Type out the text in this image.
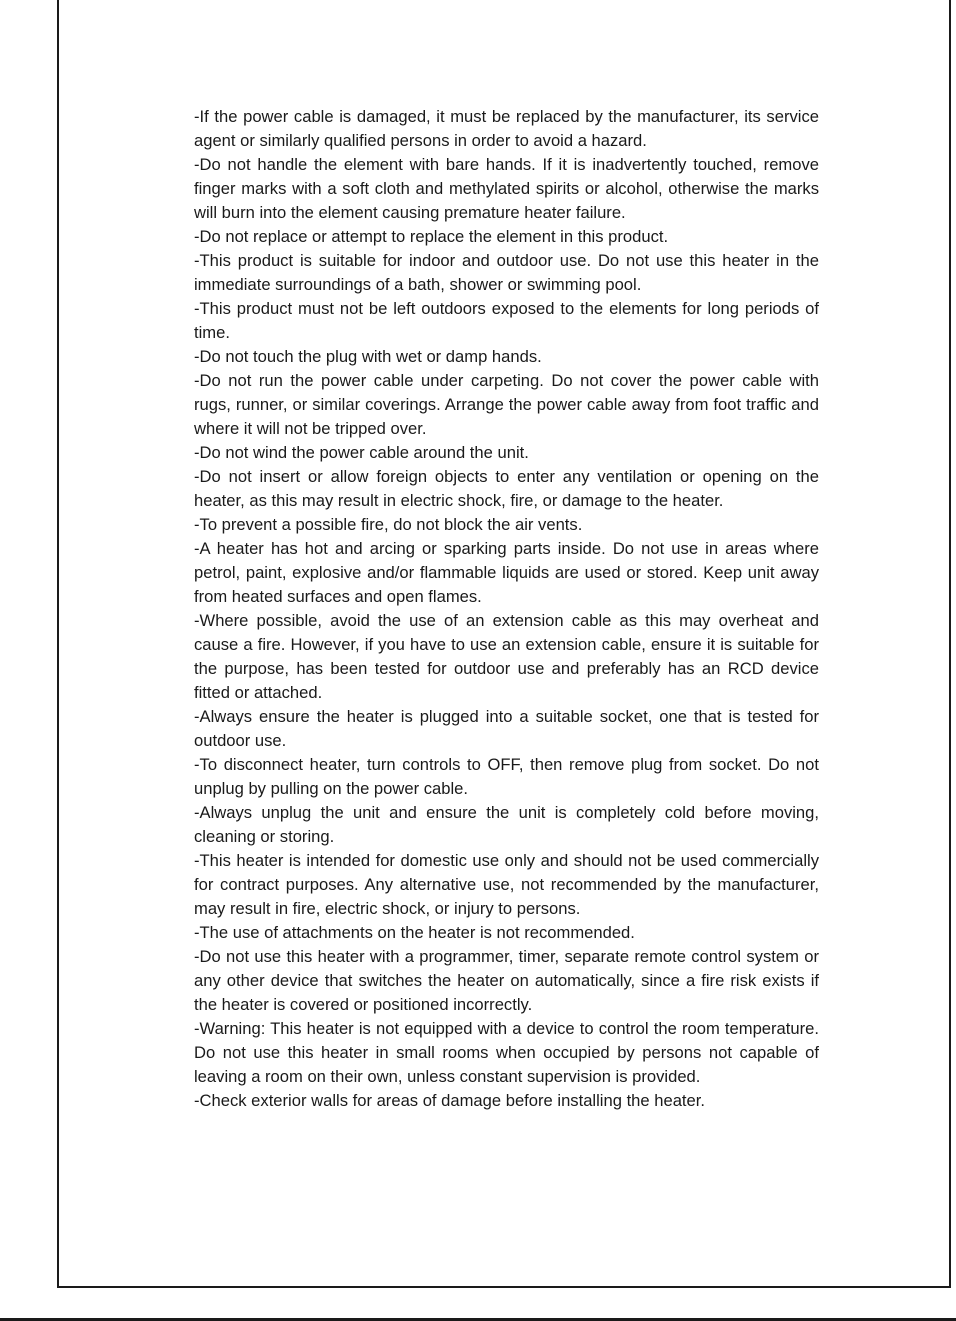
-If the power cable is damaged, it must be replaced by the manufacturer, its service agent or similarly qualified persons in order to avoid a hazard.

-Do not handle the element with bare hands. If it is inadvertently touched, remove finger marks with a soft cloth and methylated spirits or alcohol, otherwise the marks will burn into the element causing premature heater failure.

-Do not replace or attempt to replace the element in this product.

-This product is suitable for indoor and outdoor use. Do not use this heater in the immediate surroundings of a bath, shower or swimming pool.

-This product must not be left outdoors exposed to the elements for long periods of time.

-Do not touch the plug with wet or damp hands.

-Do not run the power cable under carpeting. Do not cover the power cable with rugs, runner, or similar coverings. Arrange the power cable away from foot traffic and where it will not be tripped over.

-Do not wind the power cable around the unit.

-Do not insert or allow foreign objects to enter any ventilation or opening on the heater, as this may result in electric shock, fire, or damage to the heater.

-To prevent a possible fire, do not block the air vents.

-A heater has hot and arcing or sparking parts inside. Do not use in areas where petrol, paint, explosive and/or flammable liquids are used or stored. Keep unit away from heated surfaces and open flames.

-Where possible, avoid the use of an extension cable as this may overheat and cause a fire. However, if you have to use an extension cable, ensure it is suitable for the purpose, has been tested for outdoor use and preferably has an RCD device fitted or attached.

-Always ensure the heater is plugged into a suitable socket, one that is tested for outdoor use.

-To disconnect heater, turn controls to OFF, then remove plug from socket. Do not unplug by pulling on the power cable.

-Always unplug the unit and ensure the unit is completely cold before moving, cleaning or storing.

-This heater is intended for domestic use only and should not be used commercially for contract purposes. Any alternative use, not recommended by the manufacturer, may result in fire, electric shock, or injury to persons.

-The use of attachments on the heater is not recommended.

-Do not use this heater with a programmer, timer, separate remote control system or any other device that switches the heater on automatically, since a fire risk exists if the heater is covered or positioned incorrectly.

-Warning: This heater is not equipped with a device to control the room temperature. Do not use this heater in small rooms when occupied by persons not capable of leaving a room on their own, unless constant supervision is provided.

-Check exterior walls for areas of damage before installing the heater.
